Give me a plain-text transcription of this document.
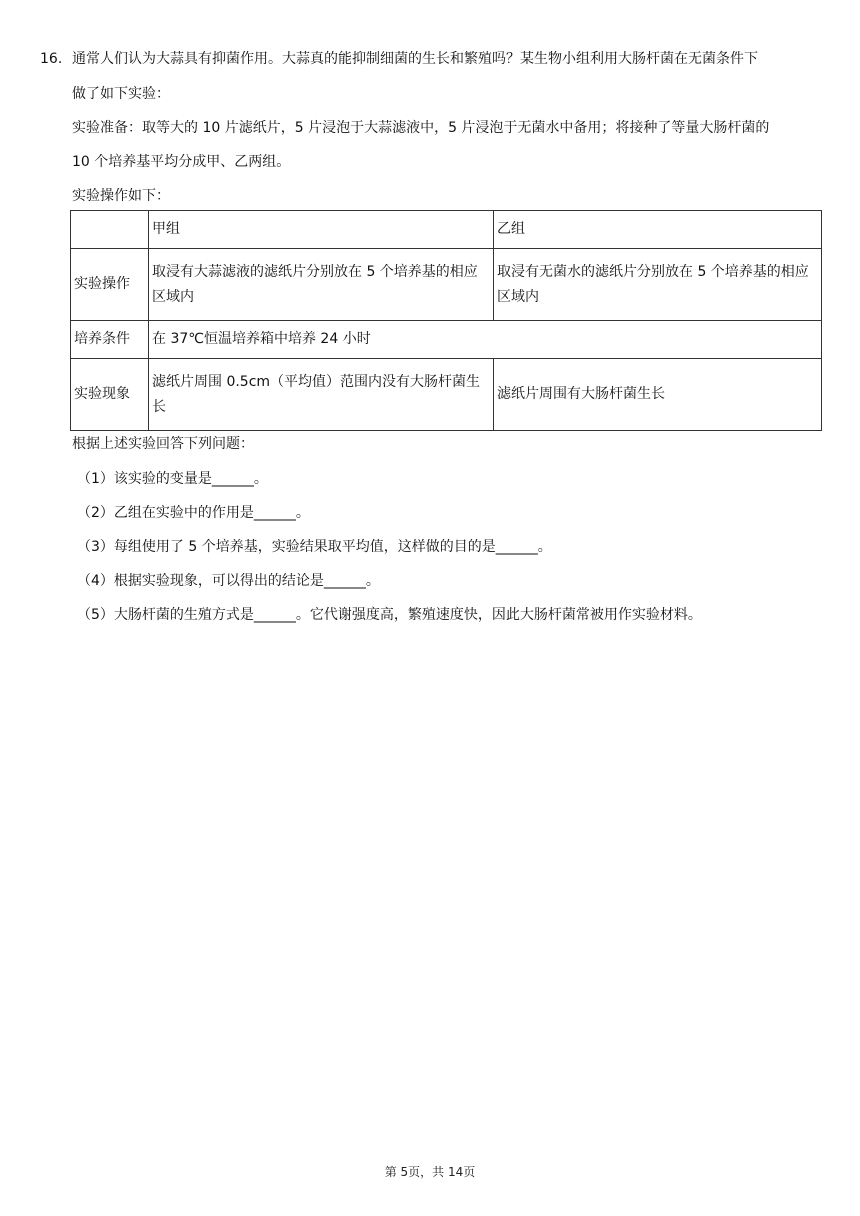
16. 通常人们认为大蒜具有抑菌作用。大蒜真的能抑制细菌的生长和繁殖吗？某生物小组利用大肠杆菌在无菌条件下
做了如下实验：
实验准备：取等大的 10 片滤纸片，5 片浸泡于大蒜滤液中，5 片浸泡于无菌水中备用；将接种了等量大肠杆菌的
10 个培养基平均分成甲、乙两组。
实验操作如下：
	甲组	乙组
实验操作	取浸有大蒜滤液的滤纸片分别放在 5 个培养基的相应区域内	取浸有无菌水的滤纸片分别放在 5 个培养基的相应区域内
培养条件	在 37℃恒温培养箱中培养 24 小时	
实验现象	滤纸片周围 0.5cm（平均值）范围内没有大肠杆菌生长	滤纸片周围有大肠杆菌生长
根据上述实验回答下列问题：
（1）该实验的变量是______。
（2）乙组在实验中的作用是______。
（3）每组使用了 5 个培养基，实验结果取平均值，这样做的目的是______。
（4）根据实验现象，可以得出的结论是______。
（5）大肠杆菌的生殖方式是______。它代谢强度高，繁殖速度快，因此大肠杆菌常被用作实验材料。
第 5页，共 14页
